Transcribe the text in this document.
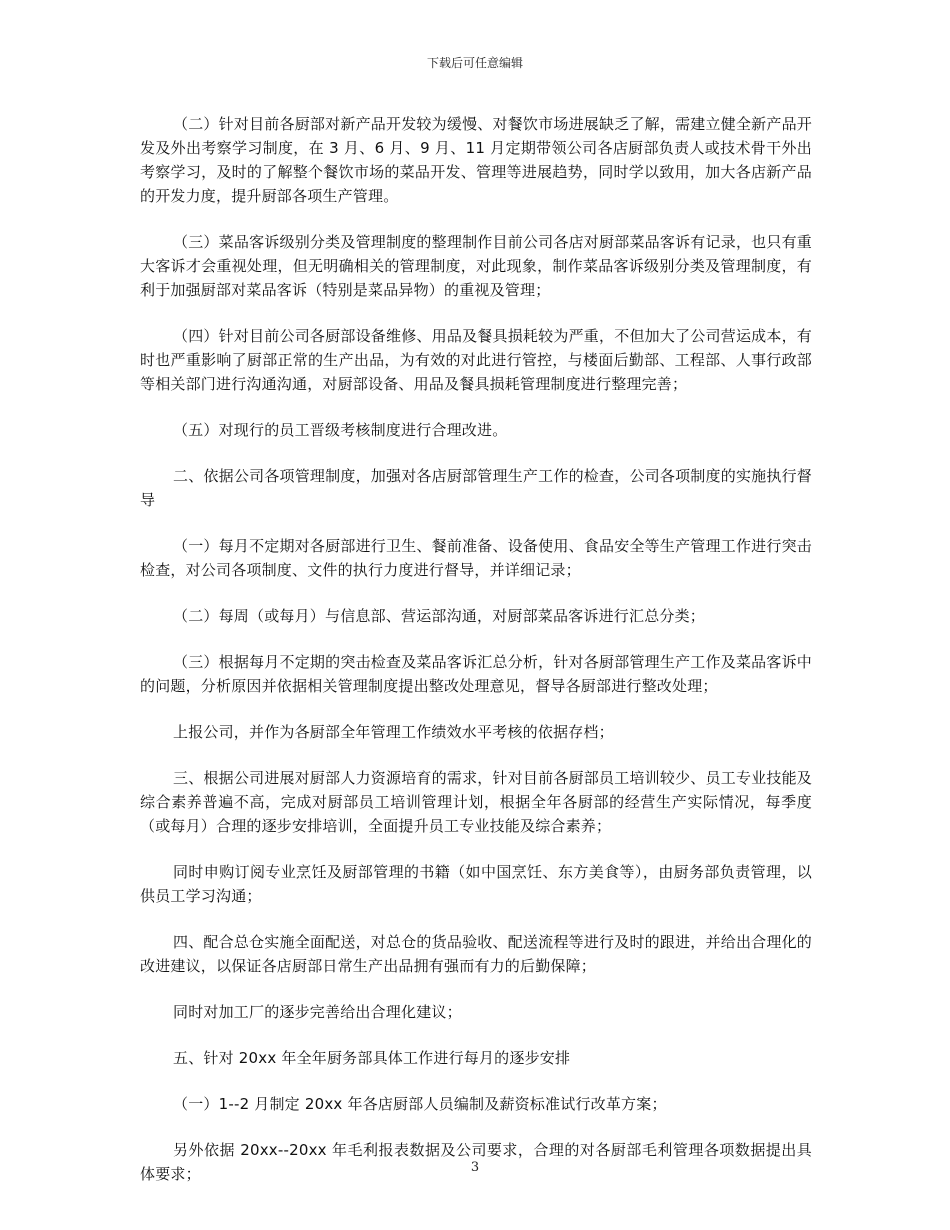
下载后可任意编辑

（二）针对目前各厨部对新产品开发较为缓慢、对餐饮市场进展缺乏了解，需建立健全新产品开发及外出考察学习制度，在 3 月、6 月、9 月、11 月定期带领公司各店厨部负责人或技术骨干外出考察学习，及时的了解整个餐饮市场的菜品开发、管理等进展趋势，同时学以致用，加大各店新产品的开发力度，提升厨部各项生产管理。

（三）菜品客诉级别分类及管理制度的整理制作目前公司各店对厨部菜品客诉有记录，也只有重大客诉才会重视处理，但无明确相关的管理制度，对此现象，制作菜品客诉级别分类及管理制度，有利于加强厨部对菜品客诉（特别是菜品异物）的重视及管理；

（四）针对目前公司各厨部设备维修、用品及餐具损耗较为严重，不但加大了公司营运成本，有时也严重影响了厨部正常的生产出品，为有效的对此进行管控，与楼面后勤部、工程部、人事行政部等相关部门进行沟通沟通，对厨部设备、用品及餐具损耗管理制度进行整理完善；

（五）对现行的员工晋级考核制度进行合理改进。

二、依据公司各项管理制度，加强对各店厨部管理生产工作的检查，公司各项制度的实施执行督导

（一）每月不定期对各厨部进行卫生、餐前准备、设备使用、食品安全等生产管理工作进行突击检查，对公司各项制度、文件的执行力度进行督导，并详细记录；

（二）每周（或每月）与信息部、营运部沟通，对厨部菜品客诉进行汇总分类；

（三）根据每月不定期的突击检查及菜品客诉汇总分析，针对各厨部管理生产工作及菜品客诉中的问题，分析原因并依据相关管理制度提出整改处理意见，督导各厨部进行整改处理；

上报公司，并作为各厨部全年管理工作绩效水平考核的依据存档；

三、根据公司进展对厨部人力资源培育的需求，针对目前各厨部员工培训较少、员工专业技能及综合素养普遍不高，完成对厨部员工培训管理计划，根据全年各厨部的经营生产实际情况，每季度（或每月）合理的逐步安排培训，全面提升员工专业技能及综合素养；

同时申购订阅专业烹饪及厨部管理的书籍（如中国烹饪、东方美食等），由厨务部负责管理，以供员工学习沟通；

四、配合总仓实施全面配送，对总仓的货品验收、配送流程等进行及时的跟进，并给出合理化的改进建议，以保证各店厨部日常生产出品拥有强而有力的后勤保障；

同时对加工厂的逐步完善给出合理化建议；

五、针对 20xx 年全年厨务部具体工作进行每月的逐步安排

（一）1--2 月制定 20xx 年各店厨部人员编制及薪资标准试行改革方案；

另外依据 20xx--20xx 年毛利报表数据及公司要求，合理的对各厨部毛利管理各项数据提出具体要求；	3
